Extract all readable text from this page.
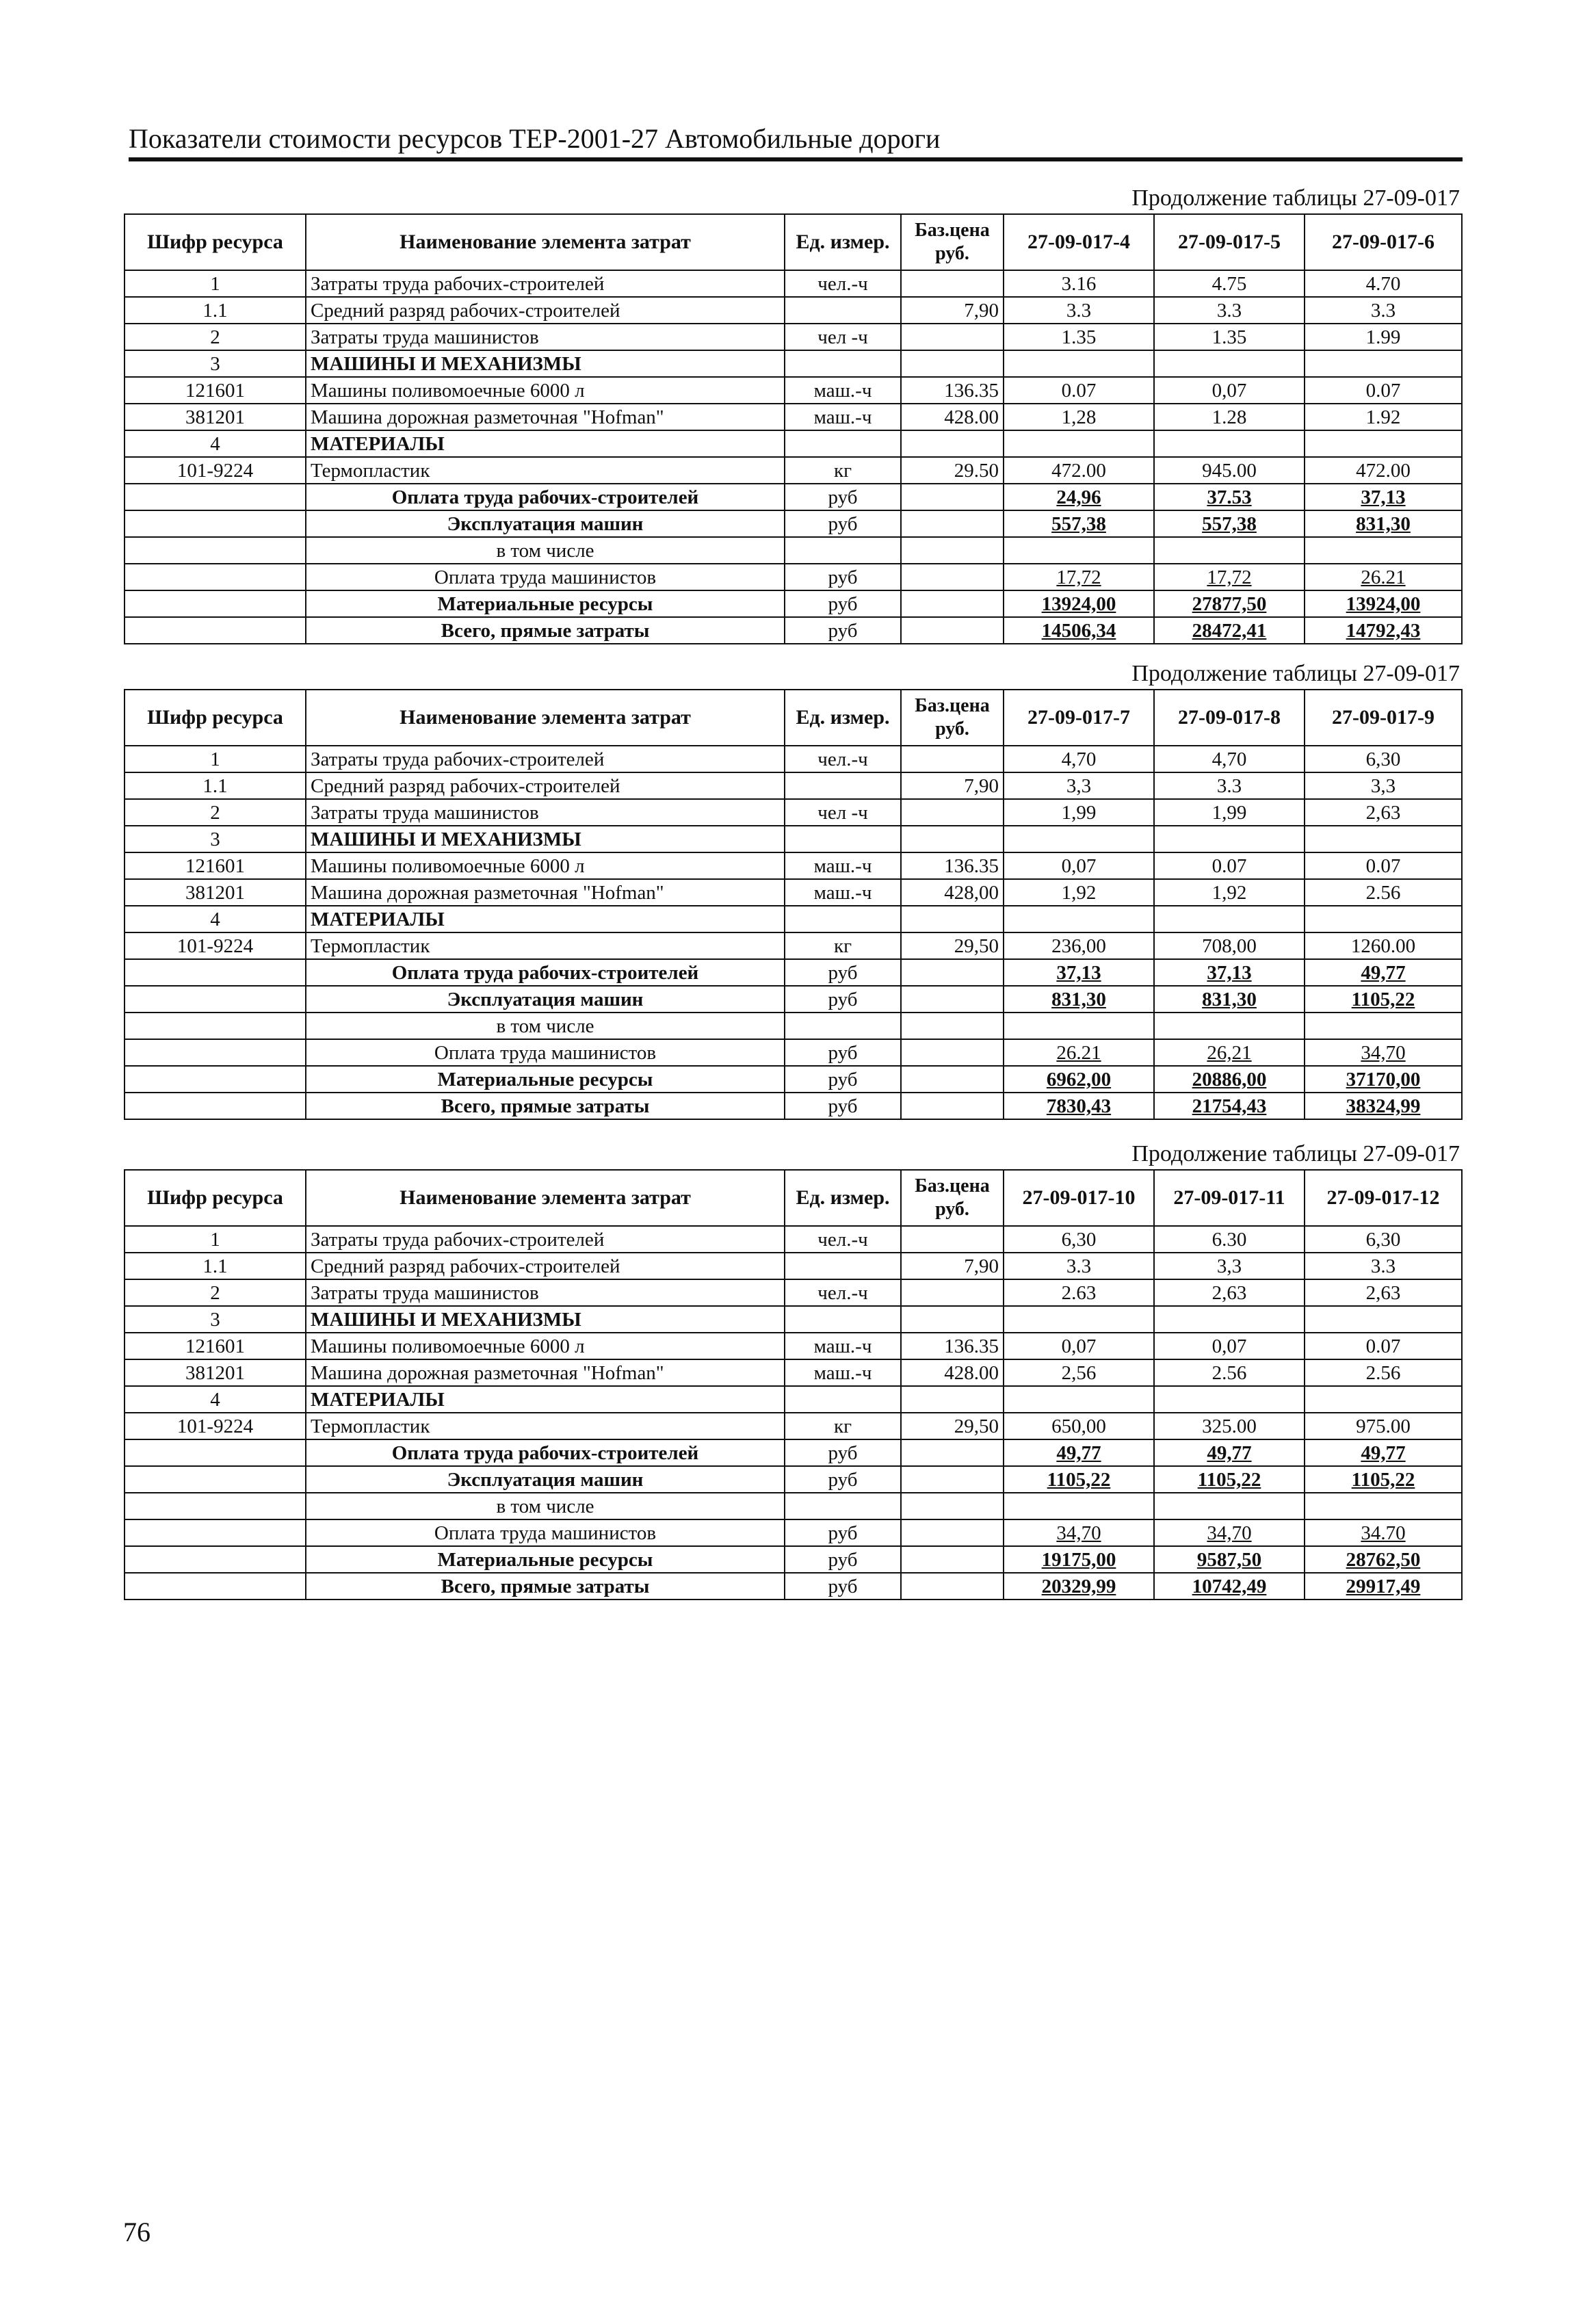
Показатели стоимости ресурсов ТЕР-2001-27 Автомобильные дороги
Продолжение таблицы 27-09-017
Шифр ресурса	Наименование элемента затрат	Ед. измер.	Баз.цена руб.	27-09-017-4	27-09-017-5	27-09-017-6
1	Затраты труда рабочих-строителей	чел.-ч		3.16	4.75	4.70
1.1	Средний разряд рабочих-строителей		7,90	3.3	3.3	3.3
2	Затраты труда машинистов	чел -ч		1.35	1.35	1.99
3	МАШИНЫ И МЕХАНИЗМЫ					
121601	Машины поливомоечные 6000 л	маш.-ч	136.35	0.07	0,07	0.07
381201	Машина дорожная разметочная "Hofman"	маш.-ч	428.00	1,28	1.28	1.92
4	МАТЕРИАЛЫ					
101-9224	Термопластик	кг	29.50	472.00	945.00	472.00
	Оплата труда рабочих-строителей	руб		24,96	37.53	37,13
	Эксплуатация машин	руб		557,38	557,38	831,30
	в том числе					
	Оплата труда машинистов	руб		17,72	17,72	26.21
	Материальные ресурсы	руб		13924,00	27877,50	13924,00
	Всего, прямые затраты	руб		14506,34	28472,41	14792,43
Продолжение таблицы 27-09-017
Шифр ресурса	Наименование элемента затрат	Ед. измер.	Баз.цена руб.	27-09-017-7	27-09-017-8	27-09-017-9
1	Затраты труда рабочих-строителей	чел.-ч		4,70	4,70	6,30
1.1	Средний разряд рабочих-строителей		7,90	3,3	3.3	3,3
2	Затраты труда машинистов	чел -ч		1,99	1,99	2,63
3	МАШИНЫ И МЕХАНИЗМЫ					
121601	Машины поливомоечные 6000 л	маш.-ч	136.35	0,07	0.07	0.07
381201	Машина дорожная разметочная "Hofman"	маш.-ч	428,00	1,92	1,92	2.56
4	МАТЕРИАЛЫ					
101-9224	Термопластик	кг	29,50	236,00	708,00	1260.00
	Оплата труда рабочих-строителей	руб		37,13	37,13	49,77
	Эксплуатация машин	руб		831,30	831,30	1105,22
	в том числе					
	Оплата труда машинистов	руб		26.21	26,21	34,70
	Материальные ресурсы	руб		6962,00	20886,00	37170,00
	Всего, прямые затраты	руб		7830,43	21754,43	38324,99
Продолжение таблицы 27-09-017
Шифр ресурса	Наименование элемента затрат	Ед. измер.	Баз.цена руб.	27-09-017-10	27-09-017-11	27-09-017-12
1	Затраты труда рабочих-строителей	чел.-ч		6,30	6.30	6,30
1.1	Средний разряд рабочих-строителей		7,90	3.3	3,3	3.3
2	Затраты труда машинистов	чел.-ч		2.63	2,63	2,63
3	МАШИНЫ И МЕХАНИЗМЫ					
121601	Машины поливомоечные 6000 л	маш.-ч	136.35	0,07	0,07	0.07
381201	Машина дорожная разметочная "Hofman"	маш.-ч	428.00	2,56	2.56	2.56
4	МАТЕРИАЛЫ					
101-9224	Термопластик	кг	29,50	650,00	325.00	975.00
	Оплата труда рабочих-строителей	руб		49,77	49,77	49,77
	Эксплуатация машин	руб		1105,22	1105,22	1105,22
	в том числе					
	Оплата труда машинистов	руб		34,70	34,70	34.70
	Материальные ресурсы	руб		19175,00	9587,50	28762,50
	Всего, прямые затраты	руб		20329,99	10742,49	29917,49
76
